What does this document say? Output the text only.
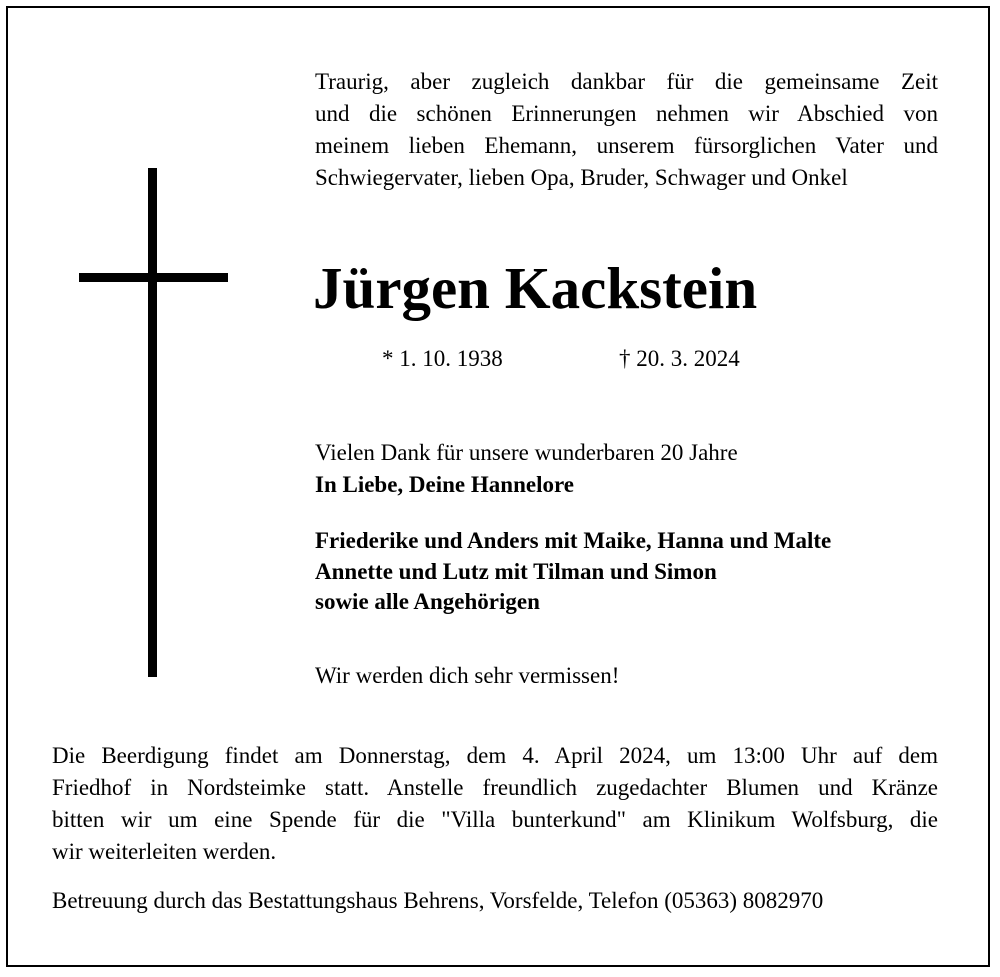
Traurig, aber zugleich dankbar für die gemeinsame Zeit
und die schönen Erinnerungen nehmen wir Abschied von
meinem lieben Ehemann, unserem fürsorglichen Vater und
Schwiegervater, lieben Opa, Bruder, Schwager und Onkel
Jürgen Kackstein
* 1. 10. 1938	† 20. 3. 2024
Vielen Dank für unsere wunderbaren 20 Jahre
In Liebe, Deine Hannelore
Friederike und Anders mit Maike, Hanna und Malte
Annette und Lutz mit Tilman und Simon
sowie alle Angehörigen
Wir werden dich sehr vermissen!
Die Beerdigung findet am Donnerstag, dem 4. April 2024, um 13:00 Uhr auf dem
Friedhof in Nordsteimke statt. Anstelle freundlich zugedachter Blumen und Kränze
bitten wir um eine Spende für die "Villa bunterkund" am Klinikum Wolfsburg, die
wir weiterleiten werden.
Betreuung durch das Bestattungshaus Behrens, Vorsfelde, Telefon (05363) 8082970
